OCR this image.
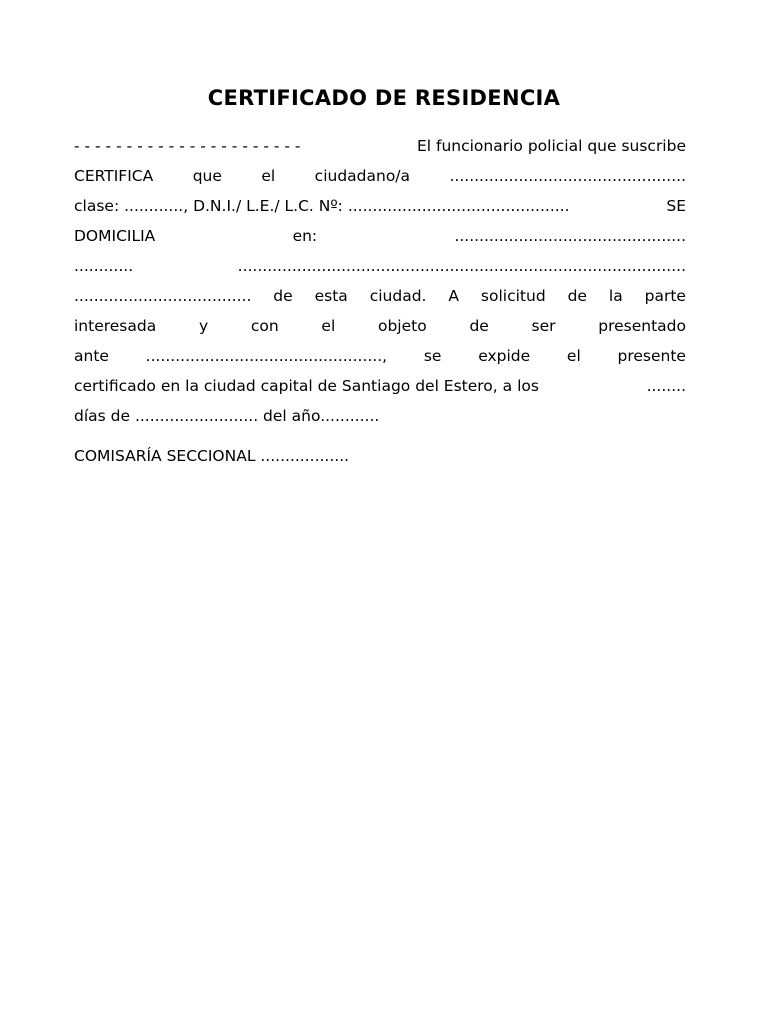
CERTIFICADO DE RESIDENCIA
- - - - - - - - - - - - - - - - - - - - - -	El funcionario policial que suscribe
CERTIFICA	que	el	ciudadano/a	................................................
clase: ............, D.N.I./ L.E./ L.C. Nº: .............................................	SE
DOMICILIA	en:	...............................................
............	...........................................................................................
.................................... de esta ciudad. A solicitud de la parte
interesada	y	con	el	objeto	de	ser	presentado
ante ................................................, se expide el presente
certificado en la ciudad capital de Santiago del Estero, a los	........
días de ......................... del año............

COMISARÍA SECCIONAL ..................
